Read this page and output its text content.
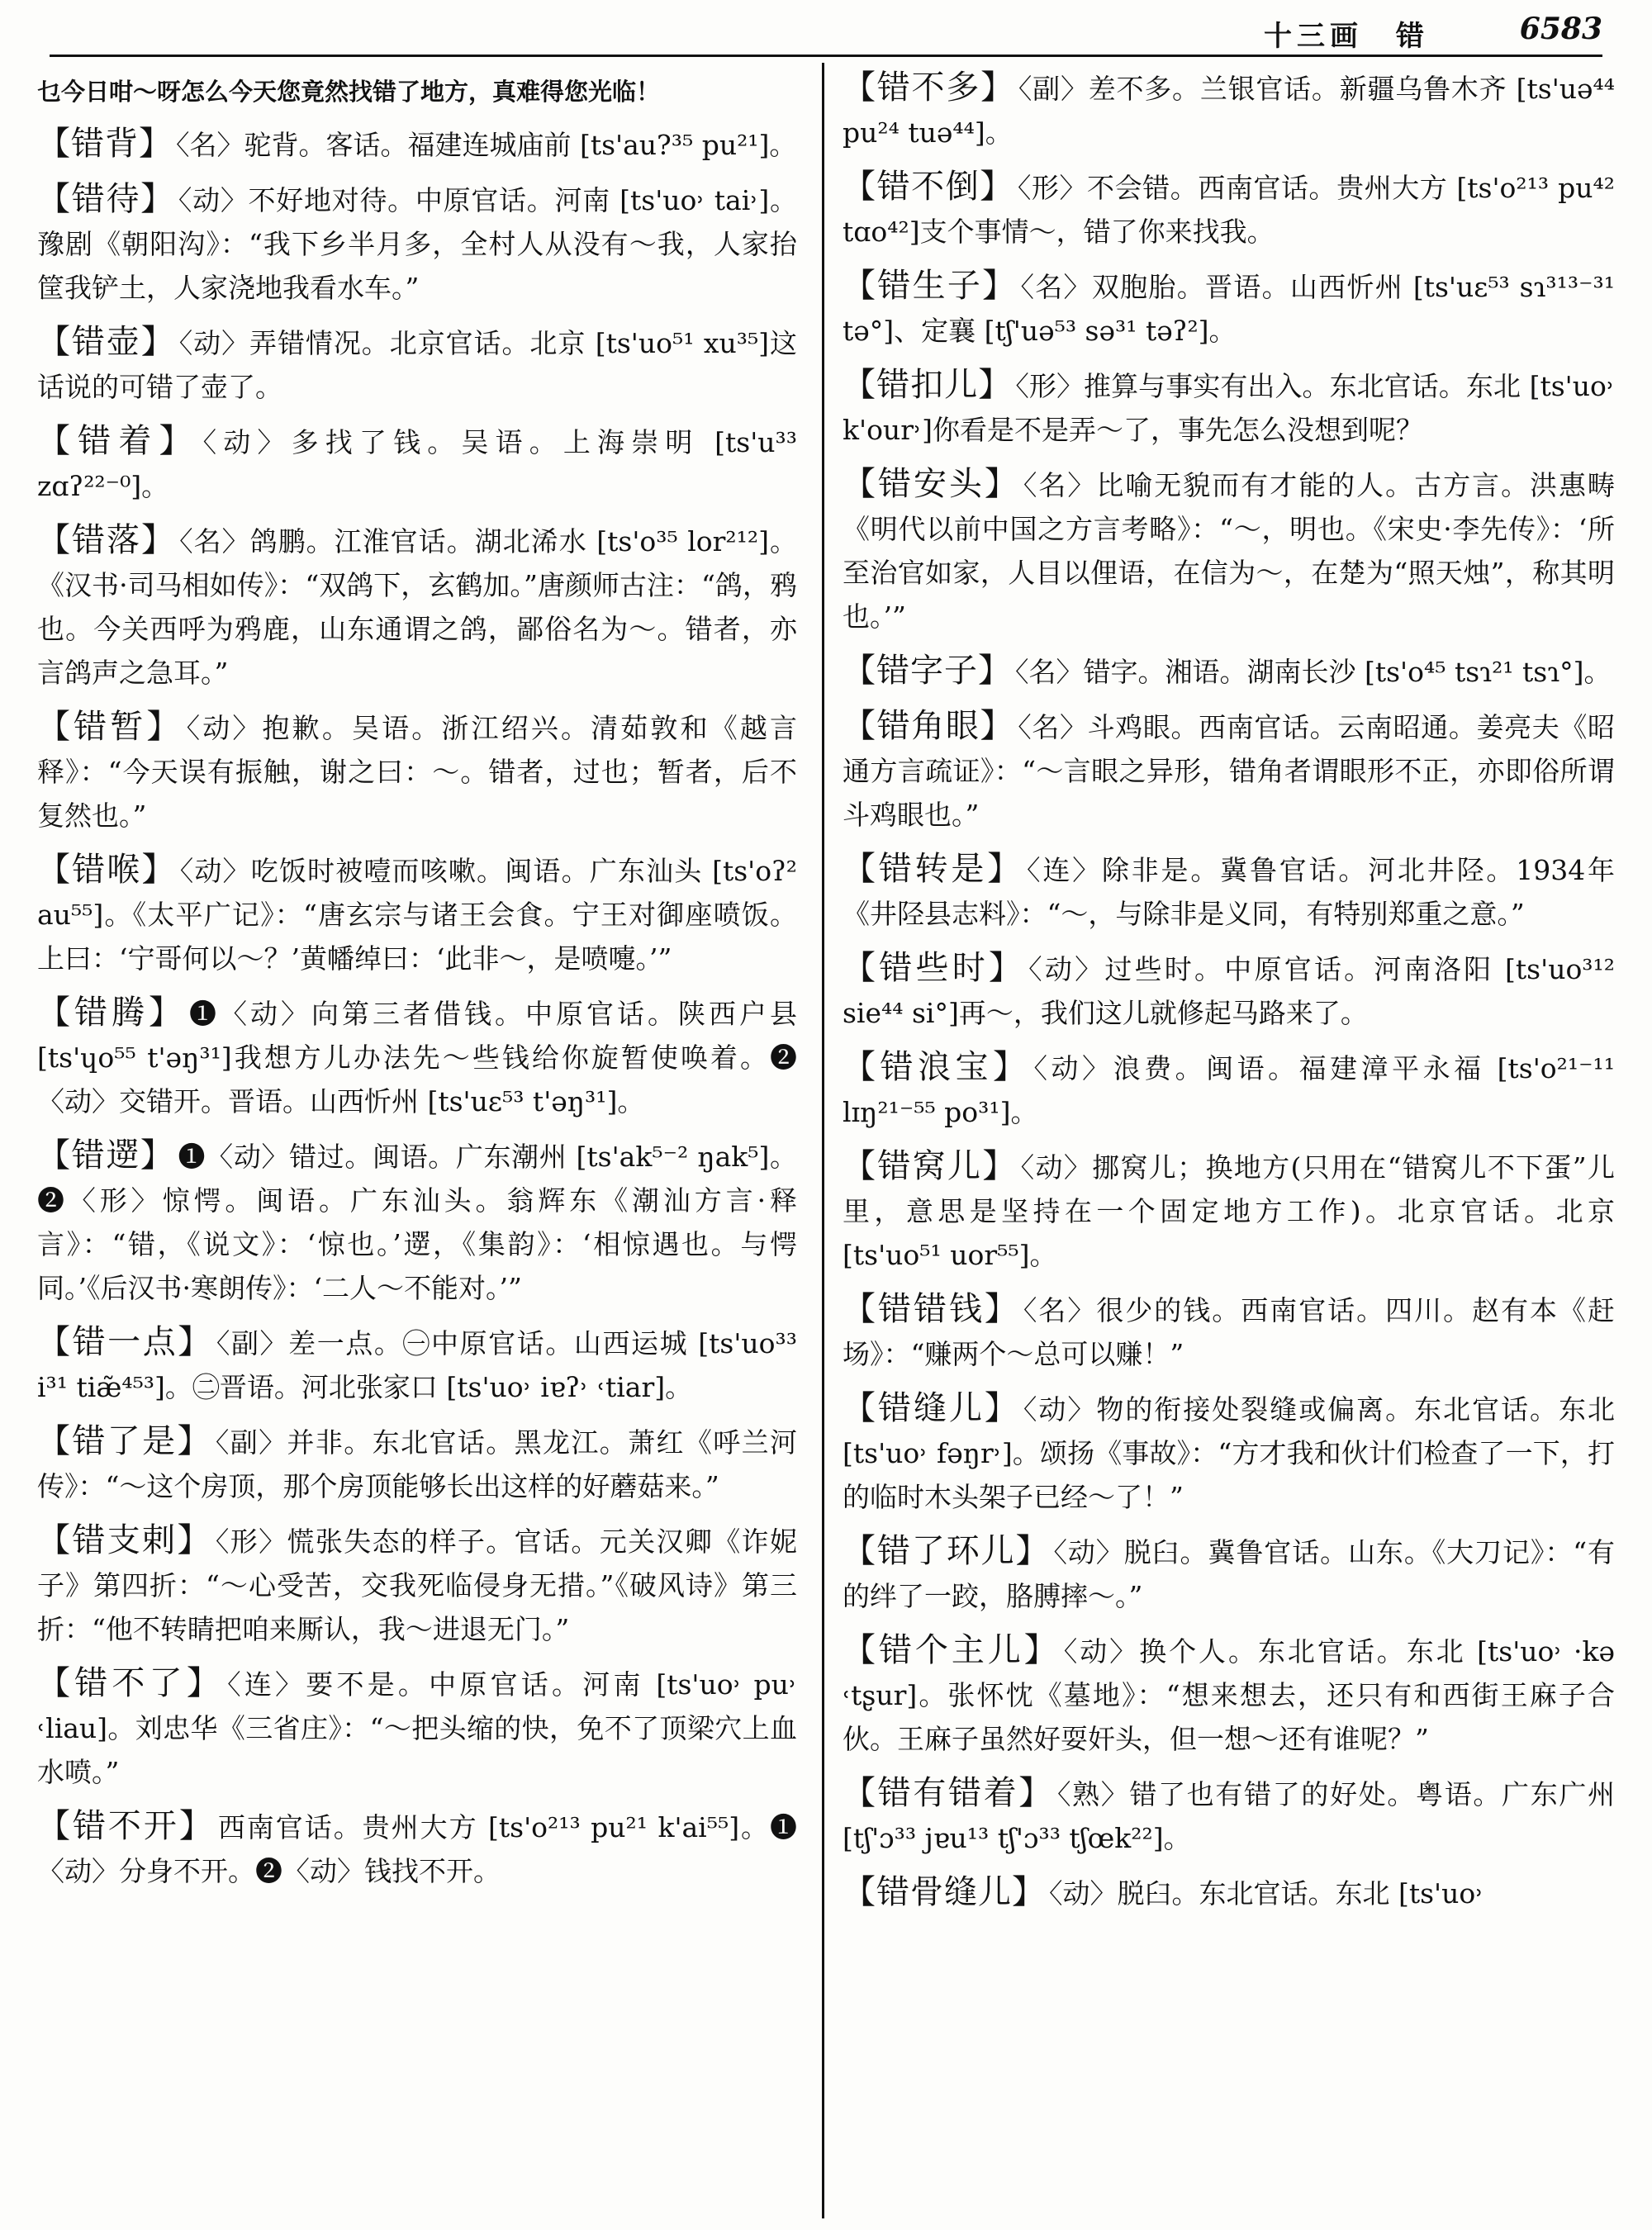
十三画　错	6583

乜今日咁～呀怎么今天您竟然找错了地方，真难得您光临！

【错背】 〈名〉驼背。客话。福建连城庙前 [ts'au?³⁵ pu²¹]。

【错待】 〈动〉不好地对待。中原官话。河南 [ts'uo˒ tai˒]。豫剧《朝阳沟》：“我下乡半月多，全村人从没有～我，人家抬筐我铲土，人家浇地我看水车。”

【错壶】 〈动〉弄错情况。北京官话。北京 [ts'uo⁵¹ xu³⁵]这话说的可错了壶了。

【错着】 〈动〉多找了钱。吴语。上海崇明 [ts'u³³ zɑʔ²²⁻⁰]。

【错落】 〈名〉鸽鹏。江淮官话。湖北浠水 [ts'o³⁵ lor²¹²]。《汉书·司马相如传》：“双鸽下，玄鹤加。”唐颜师古注：“鸽，鸦也。今关西呼为鸦鹿，山东通谓之鸽，鄙俗名为～。错者，亦言鸽声之急耳。”

【错暂】 〈动〉抱歉。吴语。浙江绍兴。清茹敦和《越言释》：“今天误有振触，谢之曰：～。错者，过也；暂者，后不复然也。”

【错喉】 〈动〉吃饭时被噎而咳嗽。闽语。广东汕头 [ts'oʔ² au⁵⁵]。《太平广记》：“唐玄宗与诸王会食。宁王对御座喷饭。上曰：‘宁哥何以～？’黄幡绰曰：‘此非～，是喷嚏。’”

【错腾】 ❶〈动〉向第三者借钱。中原官话。陕西户县 [ts'ɥo⁵⁵ t'əŋ³¹]我想方儿办法先～些钱给你旋暂使唤着。❷〈动〉交错开。晋语。山西忻州 [ts'uɛ⁵³ t'əŋ³¹]。

【错遻】 ❶〈动〉错过。闽语。广东潮州 [ts'ak⁵⁻² ŋak⁵]。❷〈形〉惊愕。闽语。广东汕头。翁辉东《潮汕方言·释言》：“错，《说文》：‘惊也。’遻，《集韵》：‘相惊遇也。与愕同。’《后汉书·寒朗传》：‘二人～不能对。’”

【错一点】 〈副〉差一点。㊀中原官话。山西运城 [ts'uo³³ i³¹ tiæ̃⁴⁵³]。㊁晋语。河北张家口 [ts'uo˒ iɐʔ˒ ˓tiar]。

【错了是】 〈副〉并非。东北官话。黑龙江。萧红《呼兰河传》：“～这个房顶，那个房顶能够长出这样的好蘑菇来。”

【错支剌】 〈形〉慌张失态的样子。官话。元关汉卿《诈妮子》第四折：“～心受苦，交我死临侵身无措。”《破风诗》第三折：“他不转睛把咱来厮认，我～进退无门。”

【错不了】 〈连〉要不是。中原官话。河南 [ts'uo˒ pu˒ ˓liau]。刘忠华《三省庄》：“～把头缩的快，免不了顶梁穴上血水喷。”

【错不开】 西南官话。贵州大方 [ts'o²¹³ pu²¹ k'ai⁵⁵]。❶〈动〉分身不开。❷〈动〉钱找不开。

【错不多】 〈副〉差不多。兰银官话。新疆乌鲁木齐 [ts'uə⁴⁴ pu²⁴ tuə⁴⁴]。

【错不倒】 〈形〉不会错。西南官话。贵州大方 [ts'o²¹³ pu⁴² tɑo⁴²]支个事情～，错了你来找我。

【错生子】 〈名〉双胞胎。晋语。山西忻州 [ts'uɛ⁵³ sɿ³¹³⁻³¹ tə°]、定襄 [tʃ'uə⁵³ sə³¹ təʔ²]。

【错扣儿】 〈形〉推算与事实有出入。东北官话。东北 [ts'uo˒ k'our˒]你看是不是弄～了，事先怎么没想到呢？

【错安头】 〈名〉比喻无貌而有才能的人。古方言。洪惠畴《明代以前中国之方言考略》：“～，明也。《宋史·李先传》：‘所至治官如家，人目以俚语，在信为～，在楚为“照天烛”，称其明也。’”

【错字子】 〈名〉错字。湘语。湖南长沙 [ts'o⁴⁵ tsɿ²¹ tsɿ°]。

【错角眼】 〈名〉斗鸡眼。西南官话。云南昭通。姜亮夫《昭通方言疏证》：“～言眼之异形，错角者谓眼形不正，亦即俗所谓斗鸡眼也。”

【错转是】 〈连〉除非是。冀鲁官话。河北井陉。1934年《井陉县志料》：“～，与除非是义同，有特别郑重之意。”

【错些时】 〈动〉过些时。中原官话。河南洛阳 [ts'uo³¹² sie⁴⁴ si°]再～，我们这儿就修起马路来了。

【错浪宝】 〈动〉浪费。闽语。福建漳平永福 [ts'o²¹⁻¹¹ lɪŋ²¹⁻⁵⁵ po³¹]。

【错窝儿】 〈动〉挪窝儿；换地方(只用在“错窝儿不下蛋”儿里，意思是坚持在一个固定地方工作)。北京官话。北京 [ts'uo⁵¹ uor⁵⁵]。

【错错钱】 〈名〉很少的钱。西南官话。四川。赵有本《赶场》：“赚两个～总可以赚！”

【错缝儿】 〈动〉物的衔接处裂缝或偏离。东北官话。东北 [ts'uo˒ fəŋr˒]。颂扬《事故》：“方才我和伙计们检查了一下，打的临时木头架子已经～了！”

【错了环儿】 〈动〉脱臼。冀鲁官话。山东。《大刀记》：“有的绊了一跤，胳膊摔～。”

【错个主儿】 〈动〉换个人。东北官话。东北 [ts'uo˒ ·kə ˓tʂur]。张怀忱《墓地》：“想来想去，还只有和西街王麻子合伙。王麻子虽然好耍奸头，但一想～还有谁呢？”

【错有错着】 〈熟〉错了也有错了的好处。粤语。广东广州 [tʃ'ɔ³³ jɐu¹³ tʃ'ɔ³³ tʃœk²²]。

【错骨缝儿】 〈动〉脱臼。东北官话。东北 [ts'uo˒
